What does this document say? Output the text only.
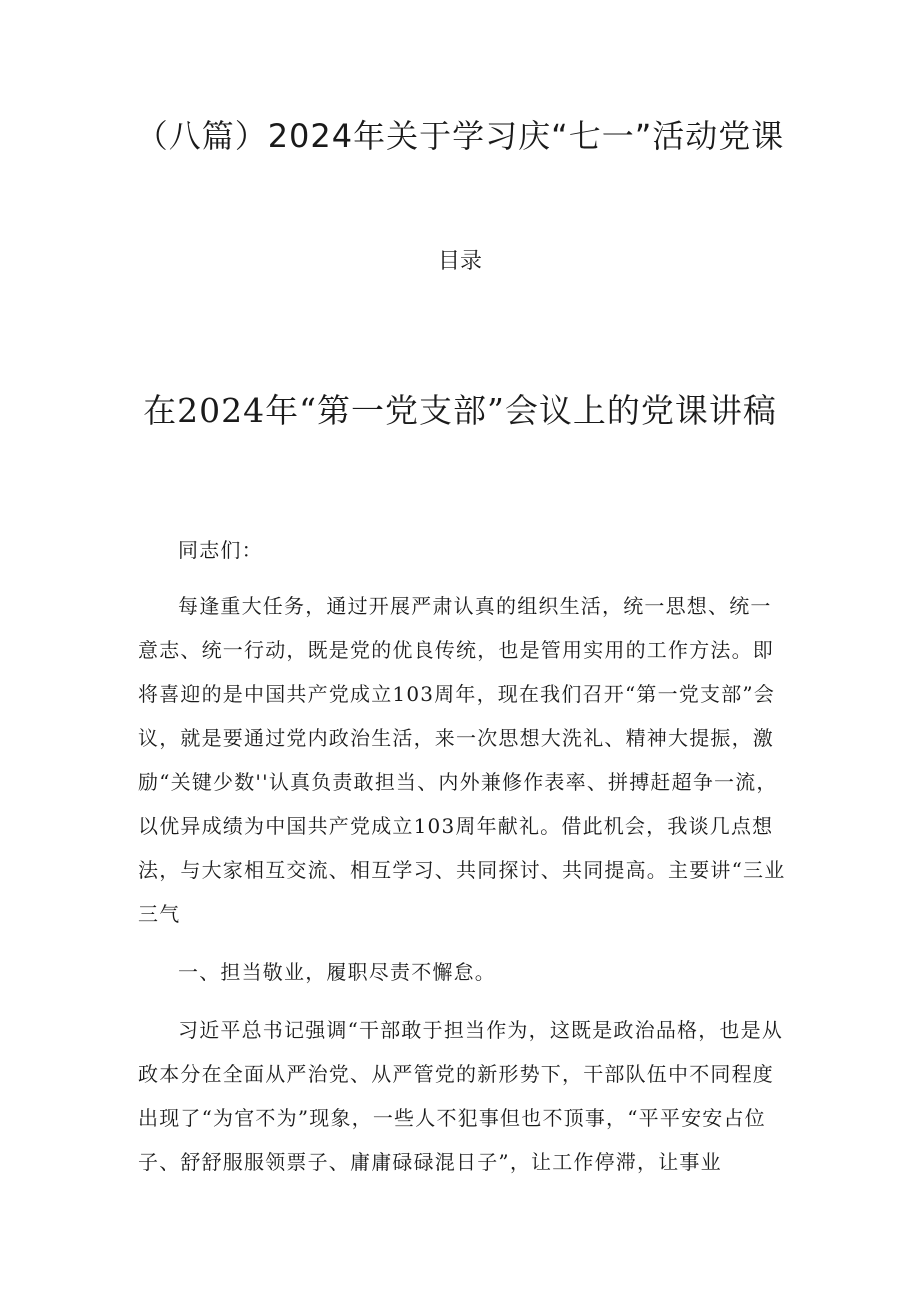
（八篇）2024年关于学习庆“七一”活动党课
目录
在2024年“第一党支部”会议上的党课讲稿

同志们：

每逢重大任务，通过开展严肃认真的组织生活，统一思想、统一意志、统一行动，既是党的优良传统，也是管用实用的工作方法。即将喜迎的是中国共产党成立103周年，现在我们召开“第一党支部”会议，就是要通过党内政治生活，来一次思想大洗礼、精神大提振，激励“关键少数''认真负责敢担当、内外兼修作表率、拼搏赶超争一流，以优异成绩为中国共产党成立103周年献礼。借此机会，我谈几点想法，与大家相互交流、相互学习、共同探讨、共同提高。主要讲“三业三气

一、担当敬业，履职尽责不懈怠。

习近平总书记强调“干部敢于担当作为，这既是政治品格，也是从政本分在全面从严治党、从严管党的新形势下，干部队伍中不同程度出现了“为官不为”现象，一些人不犯事但也不顶事，“平平安安占位子、舒舒服服领票子、庸庸碌碌混日子”，让工作停滞，让事业
